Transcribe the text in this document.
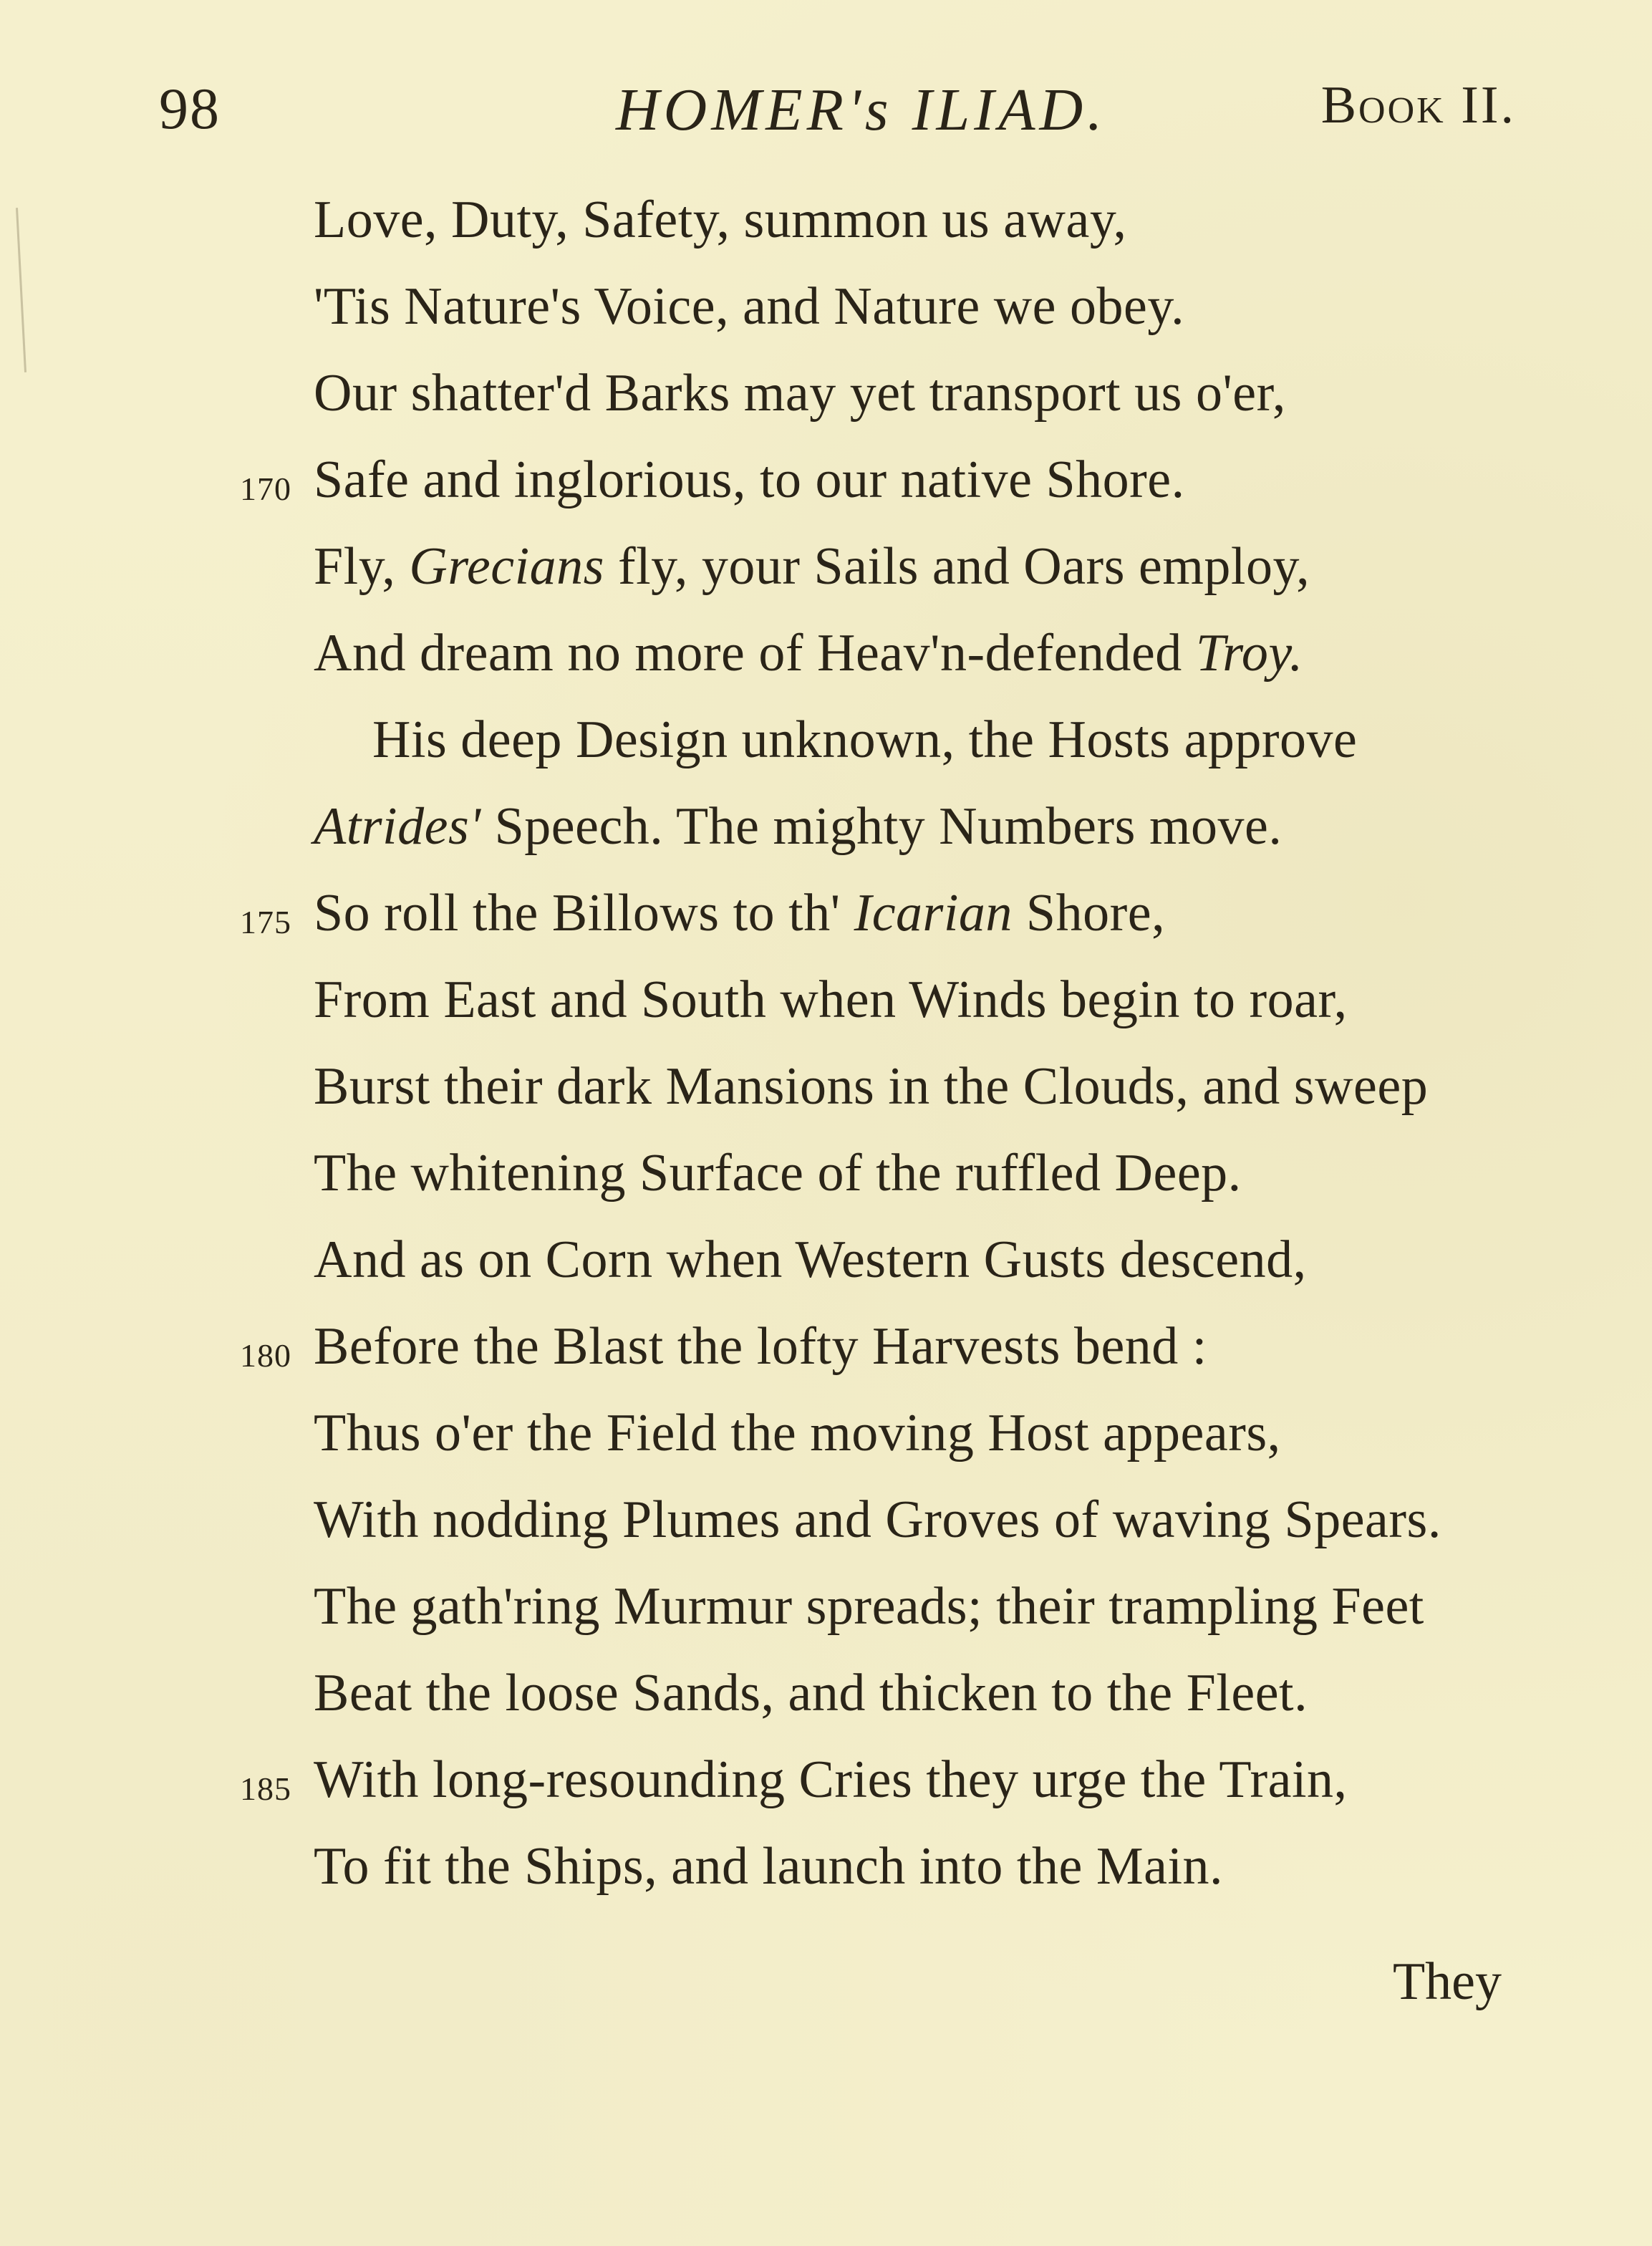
98	HOMER's ILIAD.	Book II.
Love, Duty, Safety, summon us away,
'Tis Nature's Voice, and Nature we obey.
Our shatter'd Barks may yet transport us o'er,
170 Safe and inglorious, to our native Shore.
Fly, Grecians fly, your Sails and Oars employ,
And dream no more of Heav'n-defended Troy.
His deep Design unknown, the Hosts approve
Atrides' Speech. The mighty Numbers move.
175 So roll the Billows to th' Icarian Shore,
From East and South when Winds begin to roar,
Burst their dark Mansions in the Clouds, and sweep
The whitening Surface of the ruffled Deep.
And as on Corn when Western Gusts descend,
180 Before the Blast the lofty Harvests bend :
Thus o'er the Field the moving Host appears,
With nodding Plumes and Groves of waving Spears.
The gath'ring Murmur spreads; their trampling Feet
Beat the loose Sands, and thicken to the Fleet.
185 With long-resounding Cries they urge the Train,
To fit the Ships, and launch into the Main.
They
